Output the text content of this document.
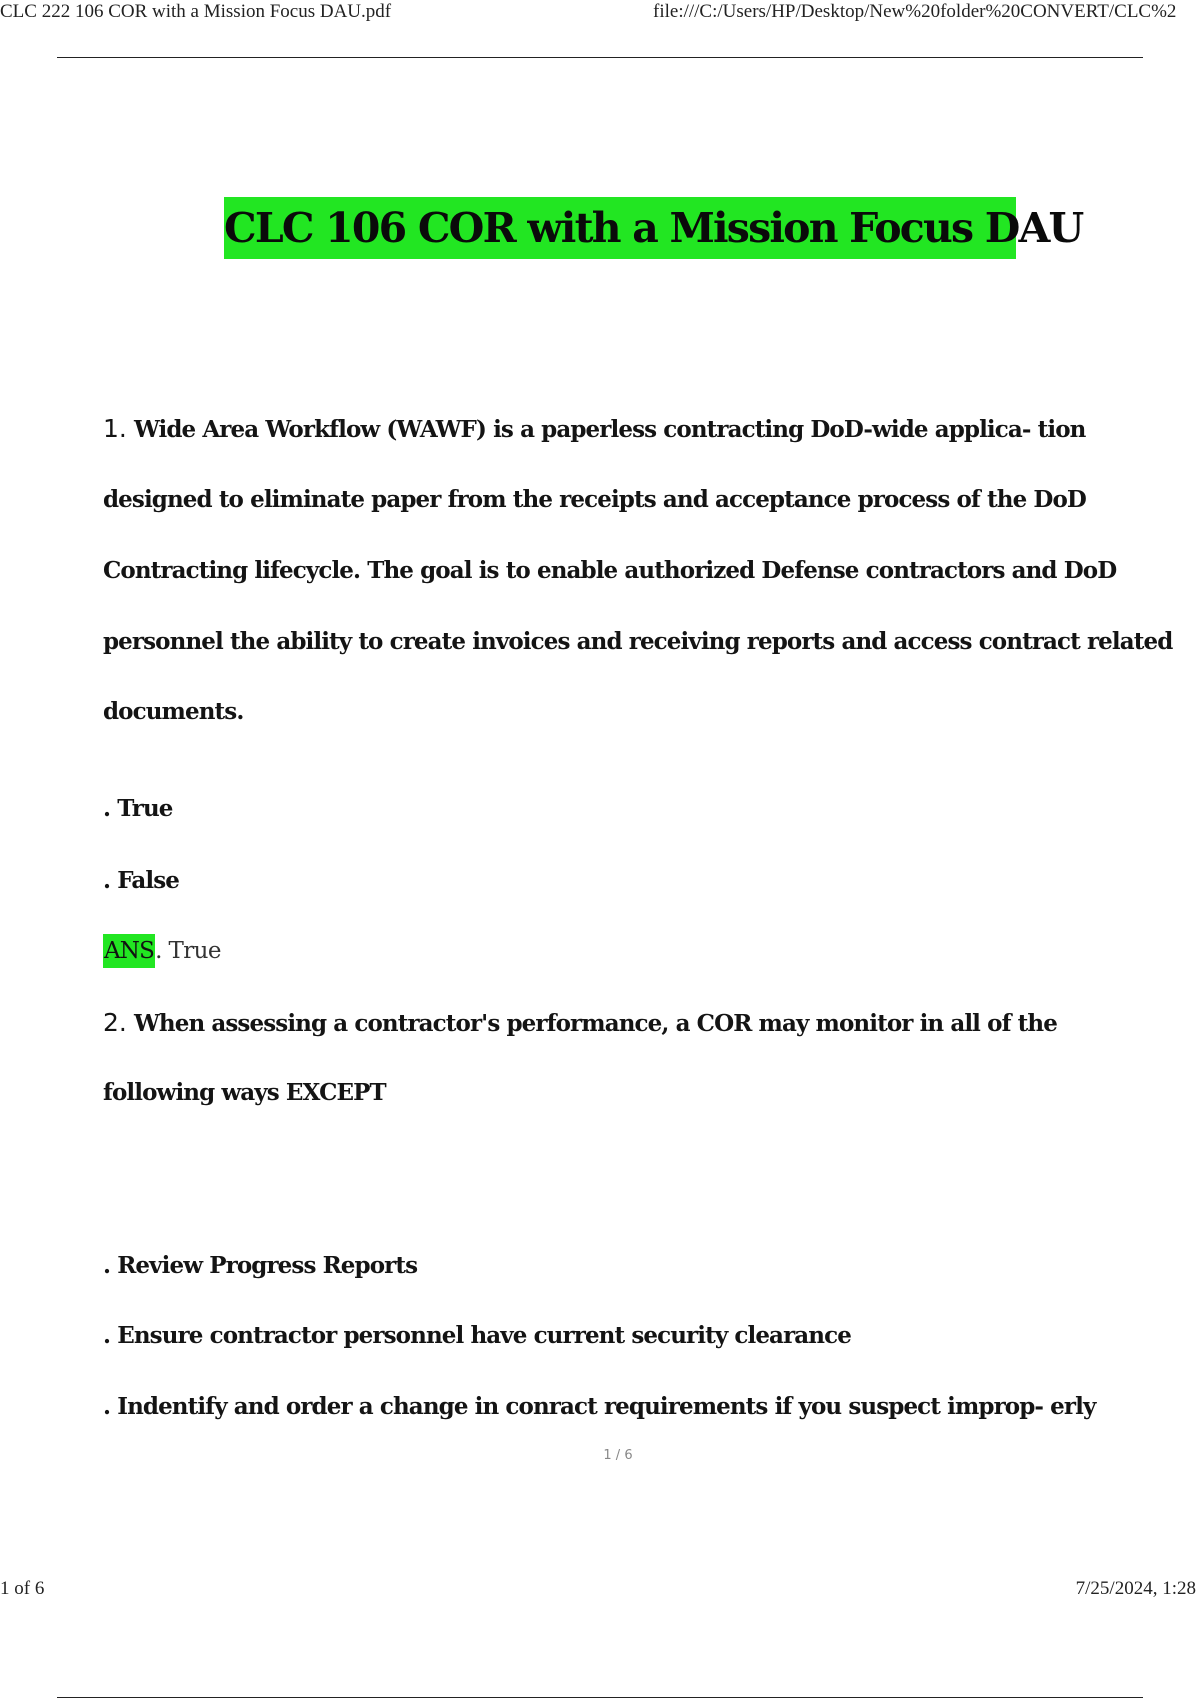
CLC 222 106 COR with a Mission Focus DAU.pdf	file:///C:/Users/HP/Desktop/New%20folder%20CONVERT/CLC%2
CLC 106 COR with a Mission Focus DAU
1. Wide Area Workflow (WAWF) is a paperless contracting DoD-wide applica- tion
designed to eliminate paper from the receipts and acceptance process of the DoD
Contracting lifecycle. The goal is to enable authorized Defense contractors and DoD
personnel the ability to create invoices and receiving reports and access contract related
documents.
. True
. False
ANS. True
2. When assessing a contractor's performance, a COR may monitor in all of the
following ways EXCEPT
. Review Progress Reports
. Ensure contractor personnel have current security clearance
. Indentify and order a change in conract requirements if you suspect improp- erly
1 / 6
1 of 6	7/25/2024, 1:28
